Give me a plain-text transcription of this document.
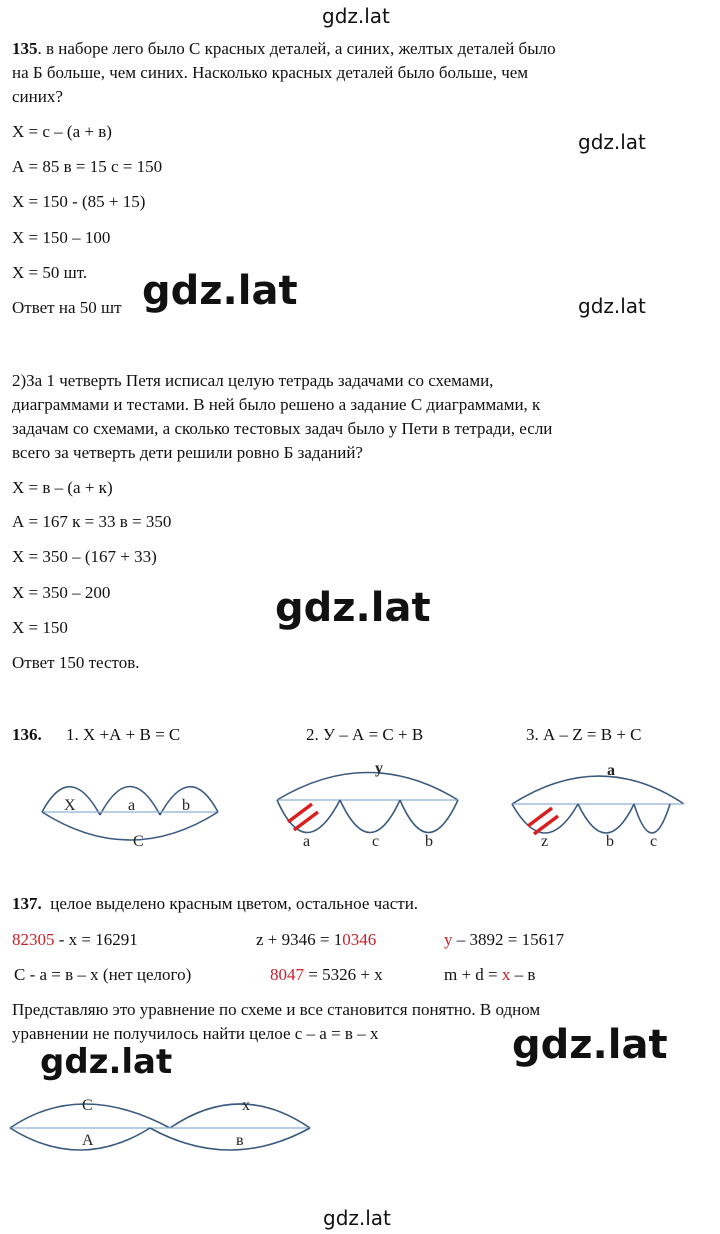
gdz.lat
gdz.lat
gdz.lat	gdz.lat
gdz.lat
gdz.lat	gdz.lat
gdz.lat
135. в наборе лего было С красных деталей, а синих, желтых деталей было
на Б больше, чем синих. Насколько красных деталей было больше, чем
синих?
Х = с – (а + в)
А = 85 в = 15 с = 150
Х = 150 - (85 + 15)
Х = 150 – 100
Х = 50 шт.
Ответ на 50 шт
2)За 1 четверть Петя исписал целую тетрадь задачами со схемами,
диаграммами и тестами. В ней было решено а задание С диаграммами, к
задачам со схемами, а сколько тестовых задач было у Пети в тетради, если
всего за четверть дети решили ровно Б заданий?
Х = в – (а + к)
А = 167 к = 33 в = 350
Х = 350 – (167 + 33)
Х = 350 – 200
Х = 150
Ответ 150 тестов.
136. 1. Х +А + В = С	2. У – А = С + В	3. А – Z = B + C
Х	а	b
С
у
a	c	b
a
z	b c
С	х
А	в
137. целое выделено красным цветом, остальное части.
82305 - х = 16291	z + 9346 = 10346	у – 3892 = 15617
С - а = в – х (нет целого)	8047 = 5326 + х	m + d = x – в
Представляю это уравнение по схеме и все становится понятно. В одном
уравнении не получилось найти целое с – а = в – х
